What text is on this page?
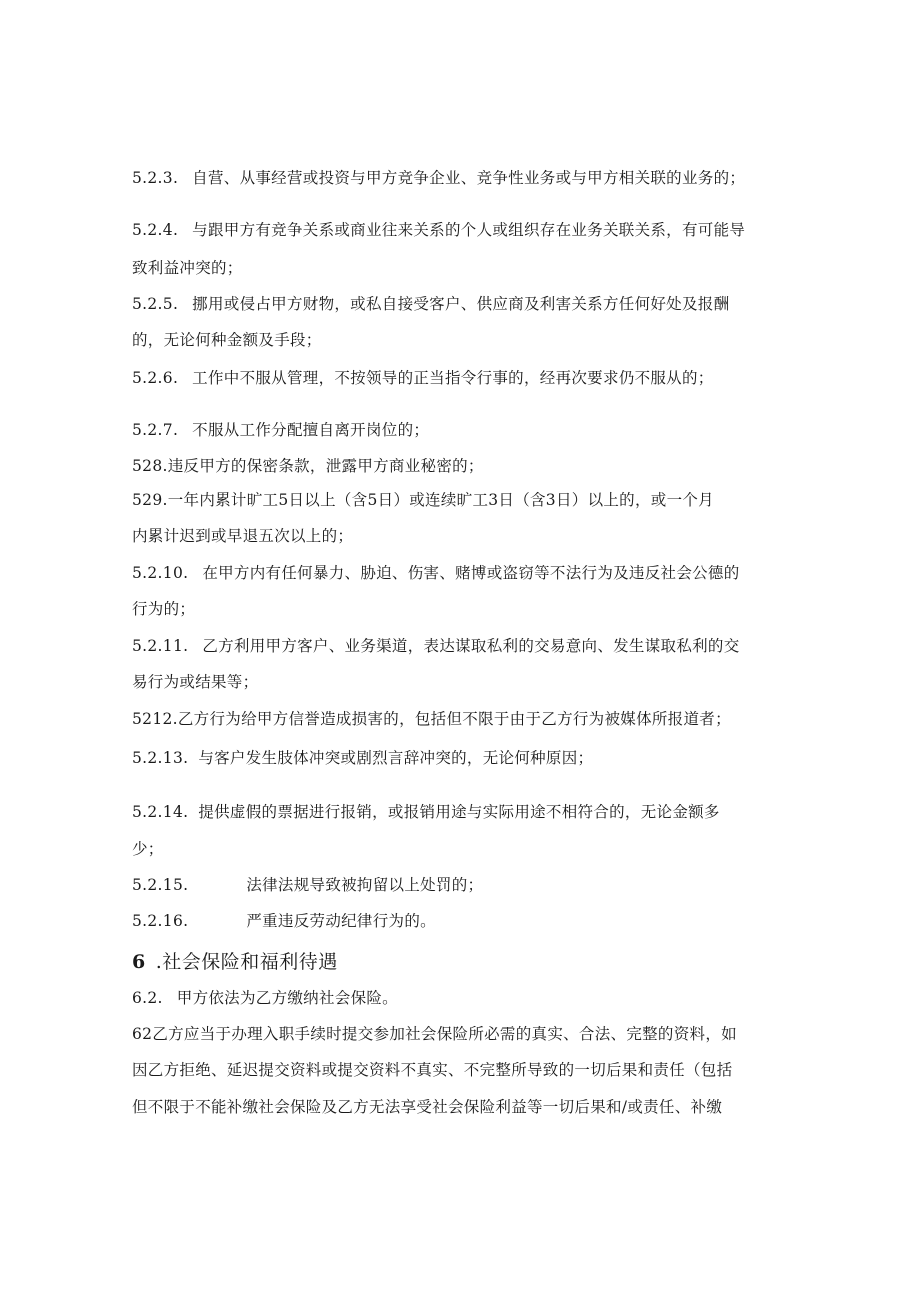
5.2.3. 自营、从事经营或投资与甲方竞争企业、竞争性业务或与甲方相关联的业务的；
5.2.4. 与跟甲方有竞争关系或商业往来关系的个人或组织存在业务关联关系，有可能导
致利益冲突的；
5.2.5. 挪用或侵占甲方财物，或私自接受客户、供应商及利害关系方任何好处及报酬
的，无论何种金额及手段；
5.2.6. 工作中不服从管理，不按领导的正当指令行事的，经再次要求仍不服从的；
5.2.7. 不服从工作分配擅自离开岗位的；
528.违反甲方的保密条款，泄露甲方商业秘密的；
529.一年内累计旷工5日以上（含5日）或连续旷工3日（含3日）以上的，或一个月
内累计迟到或早退五次以上的；
5.2.10. 在甲方内有任何暴力、胁迫、伤害、赌博或盗窃等不法行为及违反社会公德的
行为的；
5.2.11. 乙方利用甲方客户、业务渠道，表达谋取私利的交易意向、发生谋取私利的交
易行为或结果等；
5212.乙方行为给甲方信誉造成损害的，包括但不限于由于乙方行为被媒体所报道者；
5.2.13. 与客户发生肢体冲突或剧烈言辞冲突的，无论何种原因；
5.2.14. 提供虚假的票据进行报销，或报销用途与实际用途不相符合的，无论金额多
少；
5.2.15.	法律法规导致被拘留以上处罚的；
5.2.16.	严重违反劳动纪律行为的。
6 .社会保险和福利待遇
6.2. 甲方依法为乙方缴纳社会保险。
62乙方应当于办理入职手续时提交参加社会保险所必需的真实、合法、完整的资料，如
因乙方拒绝、延迟提交资料或提交资料不真实、不完整所导致的一切后果和责任（包括
但不限于不能补缴社会保险及乙方无法享受社会保险利益等一切后果和/或责任、补缴
